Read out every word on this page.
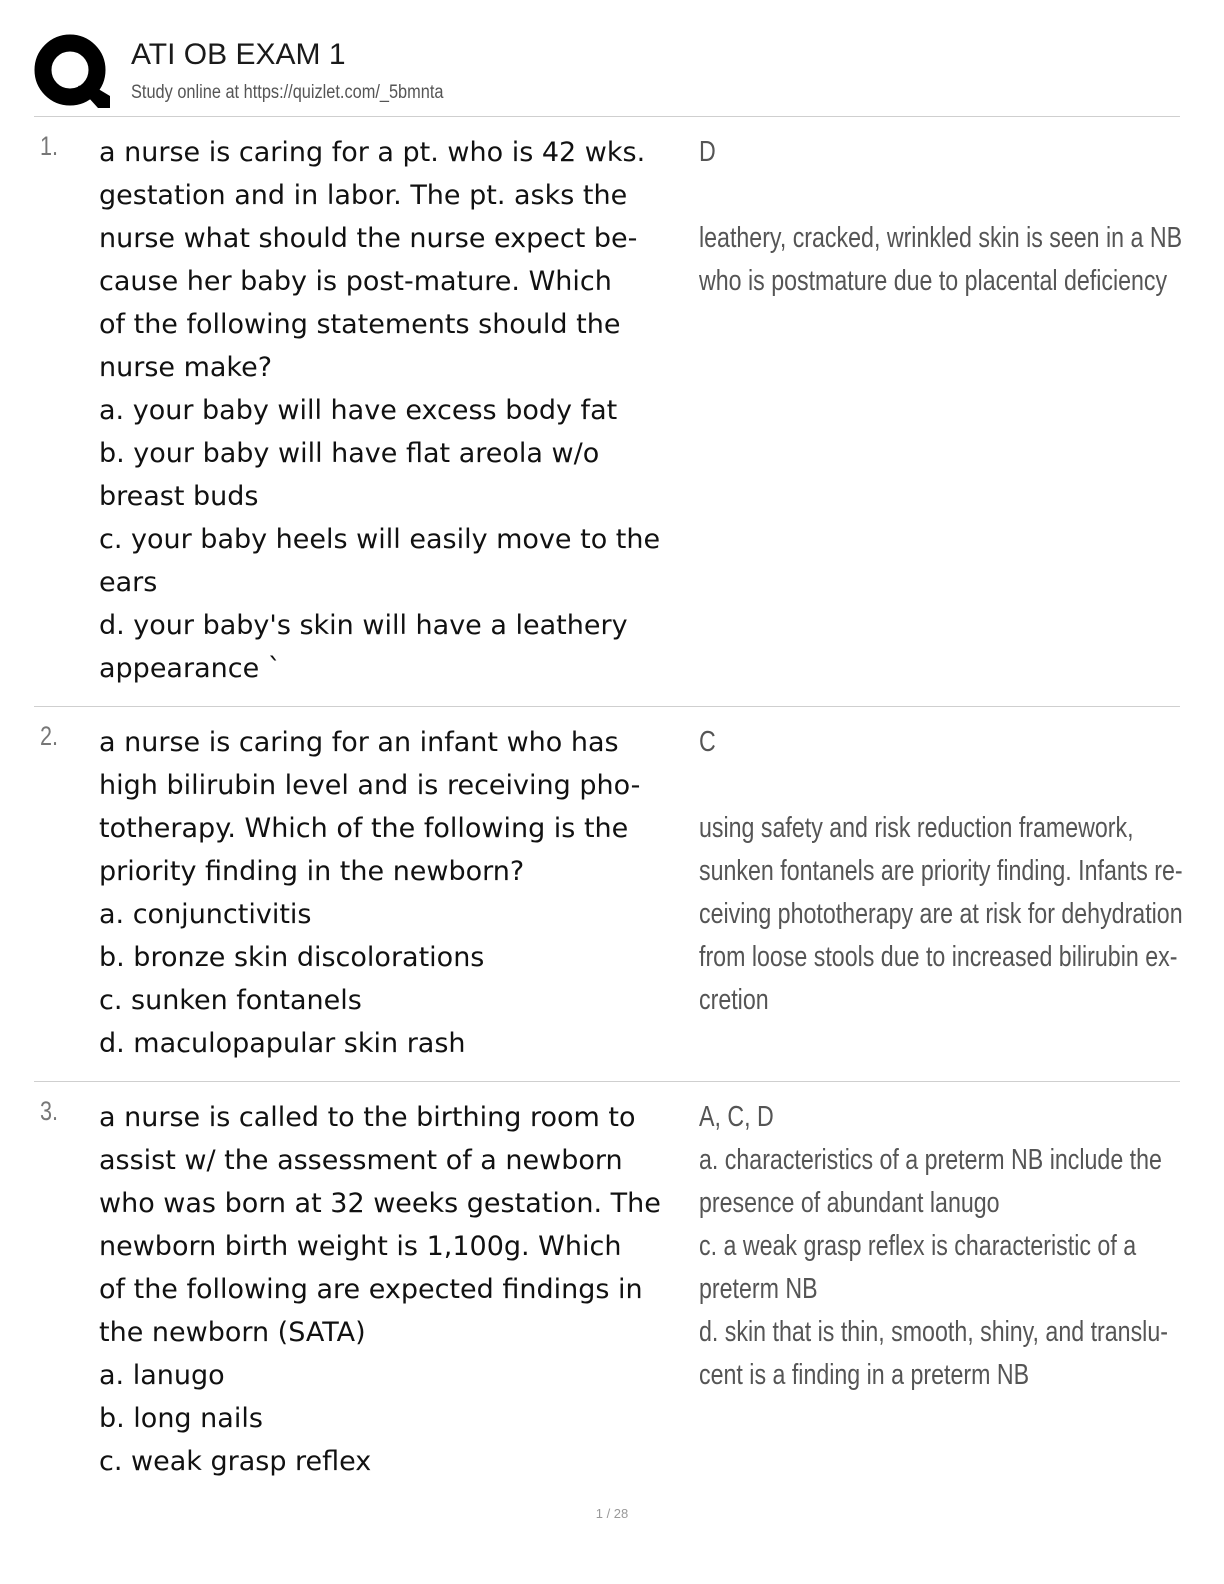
ATI OB EXAM 1
Study online at https://quizlet.com/_5bmnta
1. a nurse is caring for a pt. who is 42 wks.
gestation and in labor. The pt. asks the
nurse what should the nurse expect be-
cause her baby is post-mature. Which
of the following statements should the
nurse make?
a. your baby will have excess body fat
b. your baby will have flat areola w/o
breast buds
c. your baby heels will easily move to the
ears
d. your baby's skin will have a leathery
appearance `
D
leathery, cracked, wrinkled skin is seen in a NB
who is postmature due to placental deficiency
2. a nurse is caring for an infant who has
high bilirubin level and is receiving pho-
totherapy. Which of the following is the
priority finding in the newborn?
a. conjunctivitis
b. bronze skin discolorations
c. sunken fontanels
d. maculopapular skin rash
C
using safety and risk reduction framework,
sunken fontanels are priority finding. Infants re-
ceiving phototherapy are at risk for dehydration
from loose stools due to increased bilirubin ex-
cretion
3. a nurse is called to the birthing room to
assist w/ the assessment of a newborn
who was born at 32 weeks gestation. The
newborn birth weight is 1,100g. Which
of the following are expected findings in
the newborn (SATA)
a. lanugo
b. long nails
c. weak grasp reflex
A, C, D
a. characteristics of a preterm NB include the
presence of abundant lanugo
c. a weak grasp reflex is characteristic of a
preterm NB
d. skin that is thin, smooth, shiny, and translu-
cent is a finding in a preterm NB
1 / 28
